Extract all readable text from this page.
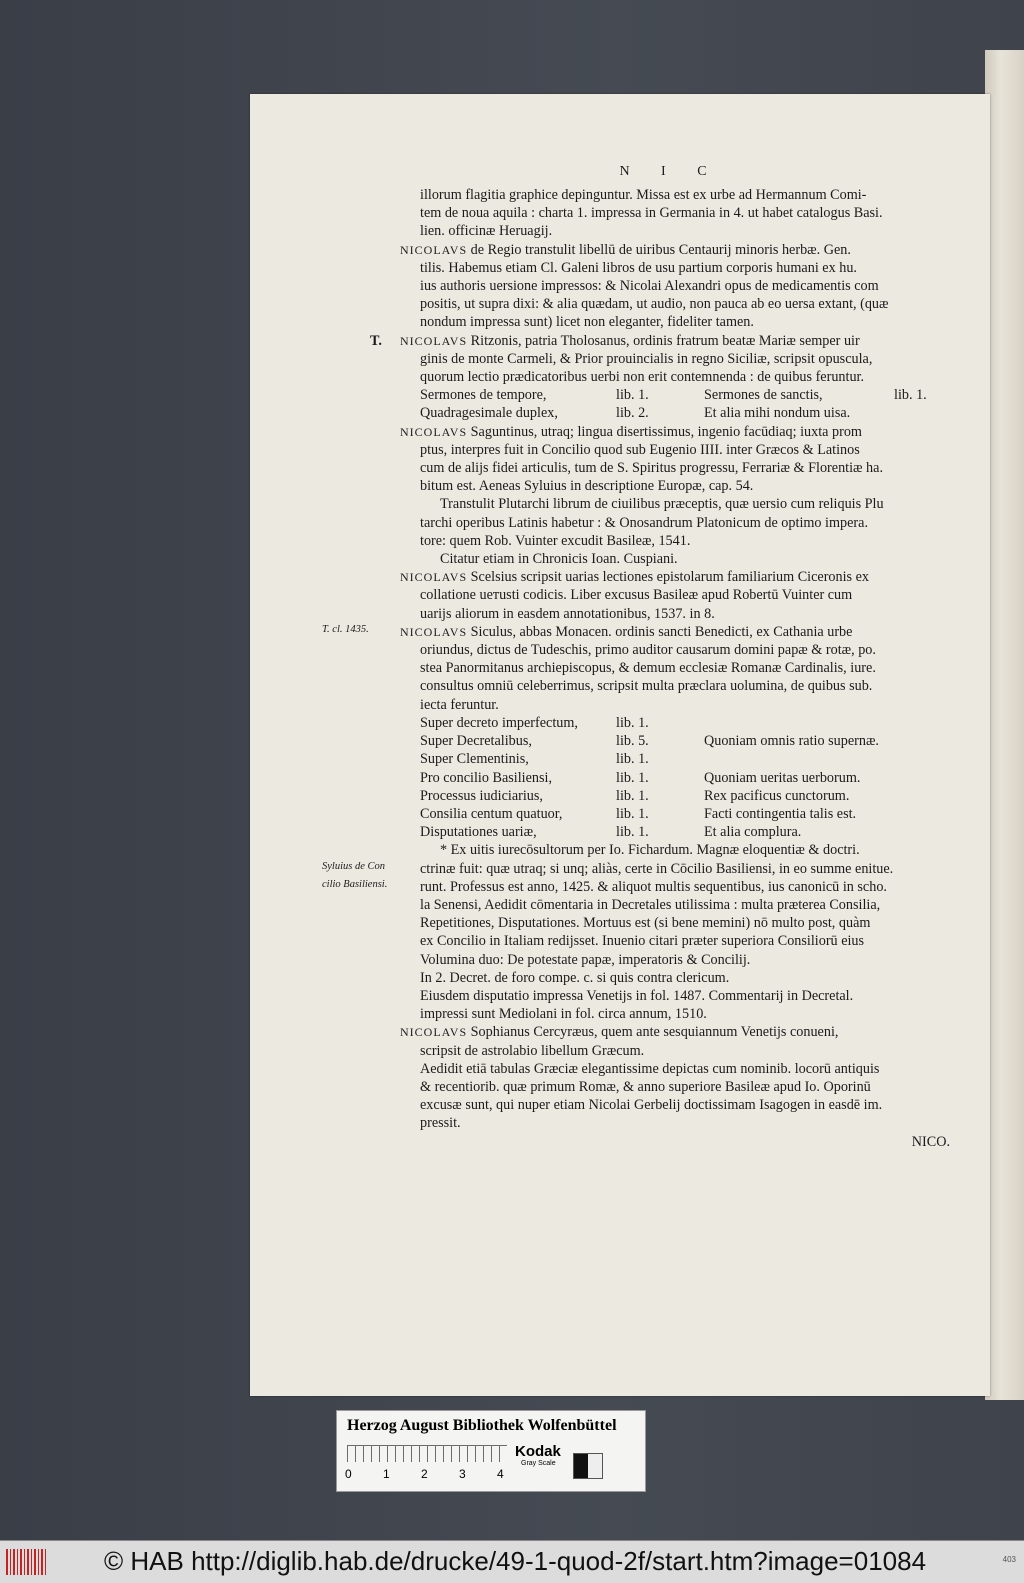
N I C
illorum flagitia graphice depinguntur. Missa est ex urbe ad Hermannum Comi-
tem de noua aquila : charta 1. impressa in Germania in 4. ut habet catalogus Basi.
lien. officinæ Heruagij.
NICOLAVS de Regio transtulit libellū de uiribus Centaurij minoris herbæ. Gen.
tilis. Habemus etiam Cl. Galeni libros de usu partium corporis humani ex hu.
ius authoris uersione impressos: & Nicolai Alexandri opus de medicamentis com
positis, ut supra dixi: & alia quædam, ut audio, non pauca ab eo uersa extant, (quæ
nondum impressa sunt) licet non eleganter, fideliter tamen.
T. NICOLAVS Ritzonis, patria Tholosanus, ordinis fratrum beatæ Mariæ semper uir
ginis de monte Carmeli, & Prior prouincialis in regno Siciliæ, scripsit opuscula,
quorum lectio prædicatoribus uerbi non erit contemnenda : de quibus feruntur.
Sermones de tempore,	lib. 1.	Sermones de sanctis,	lib. 1.
Quadragesimale duplex,	lib. 2.	Et alia mihi nondum uisa.
NICOLAVS Saguntinus, utraq; lingua disertissimus, ingenio facūdiaq; iuxta prom
ptus, interpres fuit in Concilio quod sub Eugenio IIII. inter Græcos & Latinos
cum de alijs fidei articulis, tum de S. Spiritus progressu, Ferrariæ & Florentiæ ha.
bitum est. Aeneas Syluius in descriptione Europæ, cap. 54.
Transtulit Plutarchi librum de ciuilibus præceptis, quæ uersio cum reliquis Plu
tarchi operibus Latinis habetur : & Onosandrum Platonicum de optimo impera.
tore: quem Rob. Vuinter excudit Basileæ, 1541.
Citatur etiam in Chronicis Ioan. Cuspiani.
NICOLAVS Scelsius scripsit uarias lectiones epistolarum familiarium Ciceronis ex
collatione ueтusti codicis. Liber excusus Basileæ apud Robertū Vuinter cum
uarijs aliorum in easdem annotationibus, 1537. in 8.
T. cl. 1435.	NICOLAVS Siculus, abbas Monacen. ordinis sancti Benedicti, ex Cathania urbe
oriundus, dictus de Tudeschis, primo auditor causarum domini papæ & rotæ, po.
stea Panormitanus archiepiscopus, & demum ecclesiæ Romanæ Cardinalis, iure.
consultus omniū celeberrimus, scripsit multa præclara uolumina, de quibus sub.
iecta feruntur.
Super decreto imperfectum,	lib. 1.
Super Decretalibus,	lib. 5.	Quoniam omnis ratio supernæ.
Super Clementinis,	lib. 1.
Pro concilio Basiliensi,	lib. 1.	Quoniam ueritas uerborum.
Processus iudiciarius,	lib. 1.	Rex pacificus cunctorum.
Consilia centum quatuor,	lib. 1.	Facti contingentia talis est.
Disputationes uariæ,	lib. 1.	Et alia complura.
* Ex uitis iurecōsultorum per Io. Fichardum. Magnæ eloquentiæ & doctri.
Syluius de Con ctrinæ fuit: quæ utraq; si unq; aliàs, certe in Cōcilio Basiliensi, in eo summe enitue.
cilio Basiliensi. runt. Professus est anno, 1425. & aliquot multis sequentibus, ius canonicū in scho.
la Senensi, Aedidit cōmentaria in Decretales utilissima : multa præterea Consilia,
Repetitiones, Disputationes. Mortuus est (si bene memini) nō multo post, quàm
ex Concilio in Italiam redijsset. Inuenio citari præter superiora Consiliorū eius
Volumina duo: De potestate papæ, imperatoris & Concilij.
In 2. Decret. de foro compe. c. si quis contra clericum.
Eiusdem disputatio impressa Venetijs in fol. 1487. Commentarij in Decretal.
impressi sunt Mediolani in fol. circa annum, 1510.
NICOLAVS Sophianus Cercyræus, quem ante sesquiannum Venetijs conueni,
scripsit de astrolabio libellum Græcum.
Aedidit etiā tabulas Græciæ elegantissime depictas cum nominib. locorū antiquis
& recentiorib. quæ primum Romæ, & anno superiore Basileæ apud Io. Oporinū
excusæ sunt, qui nuper etiam Nicolai Gerbelij doctissimam Isagogen in easdē im.
pressit.
NICO.
Herzog August Bibliothek Wolfenbüttel
0	1	2	3	4
Kodak
Gray Scale
© HAB http://diglib.hab.de/drucke/49-1-quod-2f/start.htm?image=01084	403
